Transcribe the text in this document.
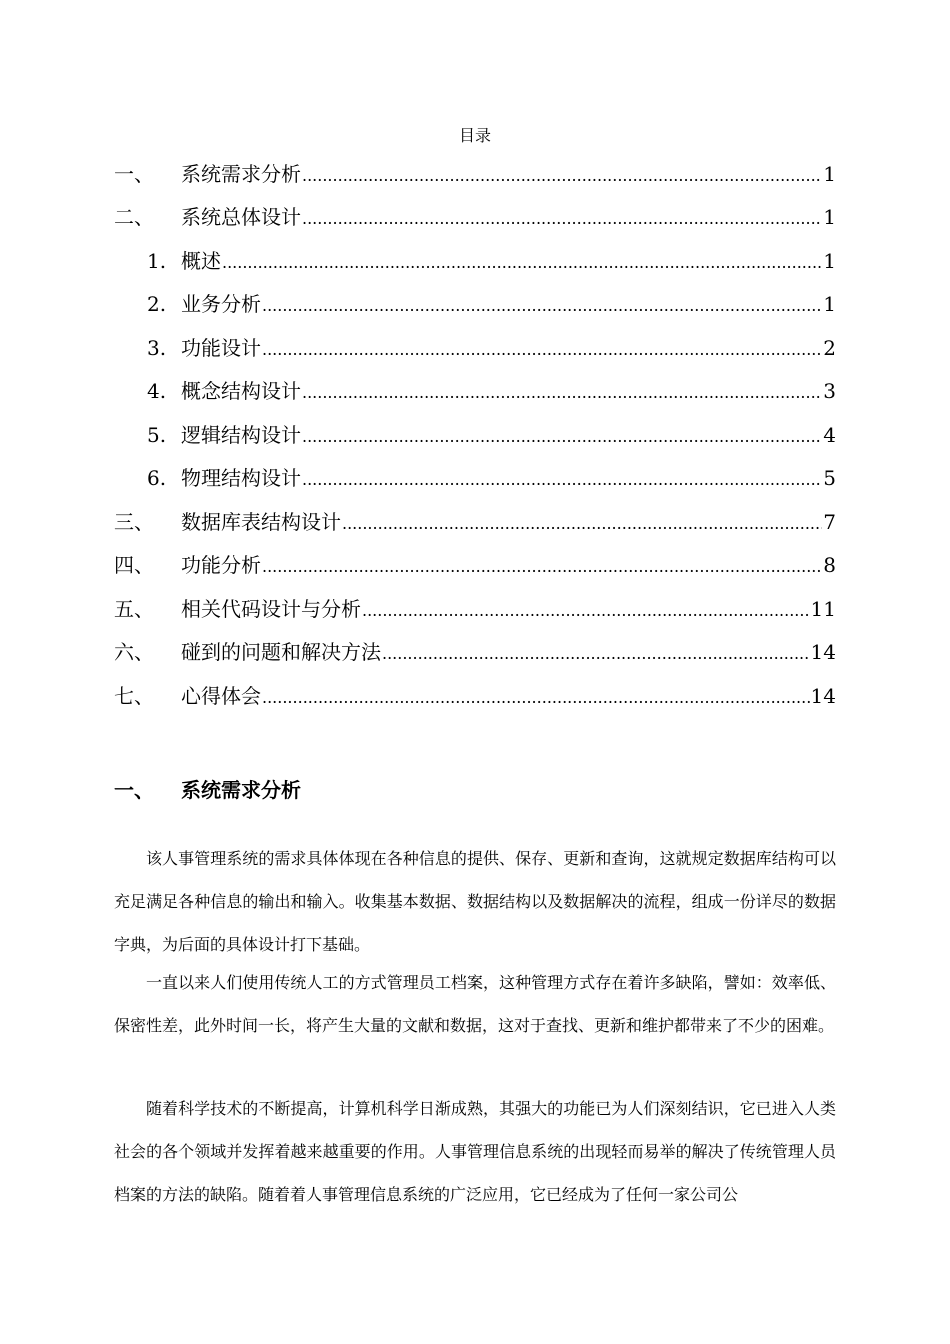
目录
一、	系统需求分析 .....	1
二、	系统总体设计 .....	1
1. 概述 .....	1
2. 业务分析 .....	1
3. 功能设计 .....	2
4. 概念结构设计 .....	3
5. 逻辑结构设计 .....	4
6. 物理结构设计 .....	5
三、	数据库表结构设计 .....	7
四、	功能分析 .....	8
五、	相关代码设计与分析 .....	11
六、	碰到的问题和解决方法 .....	14
七、	心得体会 .....	14
一、	系统需求分析

该人事管理系统的需求具体体现在各种信息的提供、保存、更新和查询，这就规定数据库结构可以充足满足各种信息的输出和输入。收集基本数据、数据结构以及数据解决的流程，组成一份详尽的数据字典，为后面的具体设计打下基础。

一直以来人们使用传统人工的方式管理员工档案，这种管理方式存在着许多缺陷，譬如：效率低、保密性差，此外时间一长，将产生大量的文献和数据，这对于查找、更新和维护都带来了不少的困难。

随着科学技术的不断提高，计算机科学日渐成熟，其强大的功能已为人们深刻结识，它已进入人类社会的各个领域并发挥着越来越重要的作用。人事管理信息系统的出现轻而易举的解决了传统管理人员档案的方法的缺陷。随着着人事管理信息系统的广泛应用，它已经成为了任何一家公司公
